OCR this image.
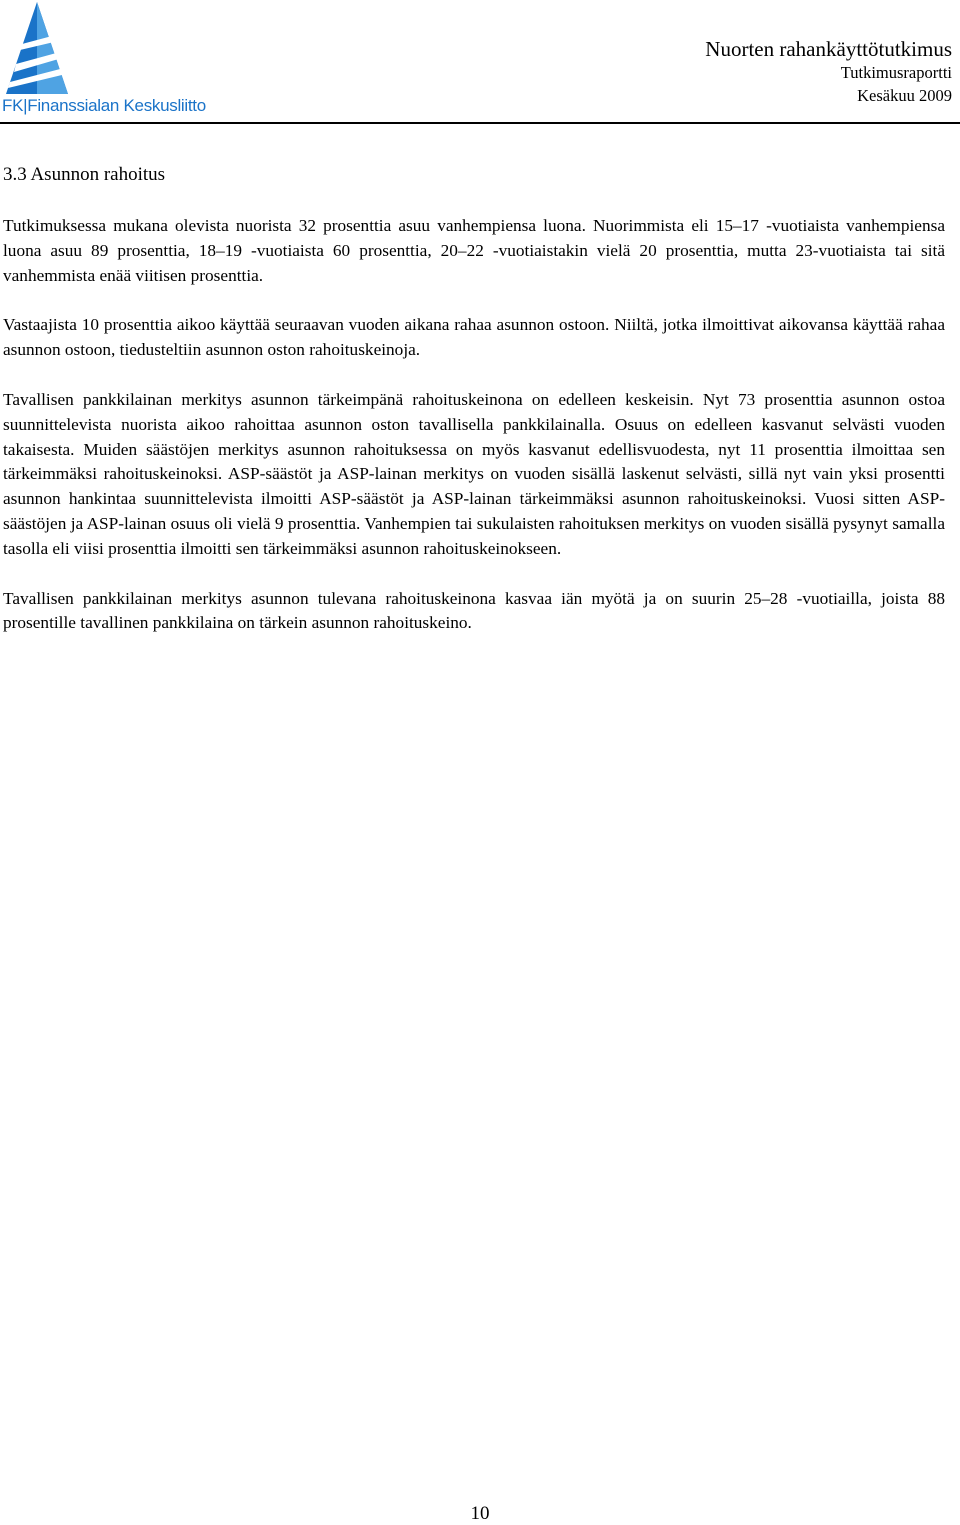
FK|Finanssialan Keskusliitto
Nuorten rahankäyttötutkimus
Tutkimusraportti
Kesäkuu 2009
3.3 Asunnon rahoitus

Tutkimuksessa mukana olevista nuorista 32 prosenttia asuu vanhempiensa luona. Nuorimmista eli 15–17 -vuotiaista vanhempiensa luona asuu 89 prosenttia, 18–19 -vuotiaista 60 prosenttia, 20–22 -vuotiaistakin vielä 20 prosenttia, mutta 23-vuotiaista tai sitä vanhemmista enää viitisen prosenttia.

Vastaajista 10 prosenttia aikoo käyttää seuraavan vuoden aikana rahaa asunnon ostoon. Niiltä, jotka ilmoittivat aikovansa käyttää rahaa asunnon ostoon, tiedusteltiin asunnon oston rahoituskeinoja.

Tavallisen pankkilainan merkitys asunnon tärkeimpänä rahoituskeinona on edelleen keskeisin. Nyt 73 prosenttia asunnon ostoa suunnittelevista nuorista aikoo rahoittaa asunnon oston tavallisella pankkilainalla. Osuus on edelleen kasvanut selvästi vuoden takaisesta. Muiden säästöjen merkitys asunnon rahoituksessa on myös kasvanut edellisvuodesta, nyt 11 prosenttia ilmoittaa sen tärkeimmäksi rahoituskeinoksi. ASP-säästöt ja ASP-lainan merkitys on vuoden sisällä laskenut selvästi, sillä nyt vain yksi prosentti asunnon hankintaa suunnittelevista ilmoitti ASP-säästöt ja ASP-lainan tärkeimmäksi asunnon rahoituskeinoksi. Vuosi sitten ASP-säästöjen ja ASP-lainan osuus oli vielä 9 prosenttia. Vanhempien tai sukulaisten rahoituksen merkitys on vuoden sisällä pysynyt samalla tasolla eli viisi prosenttia ilmoitti sen tärkeimmäksi asunnon rahoituskeinokseen.

Tavallisen pankkilainan merkitys asunnon tulevana rahoituskeinona kasvaa iän myötä ja on suurin 25–28 -vuotiailla, joista 88 prosentille tavallinen pankkilaina on tärkein asunnon rahoituskeino.

10
